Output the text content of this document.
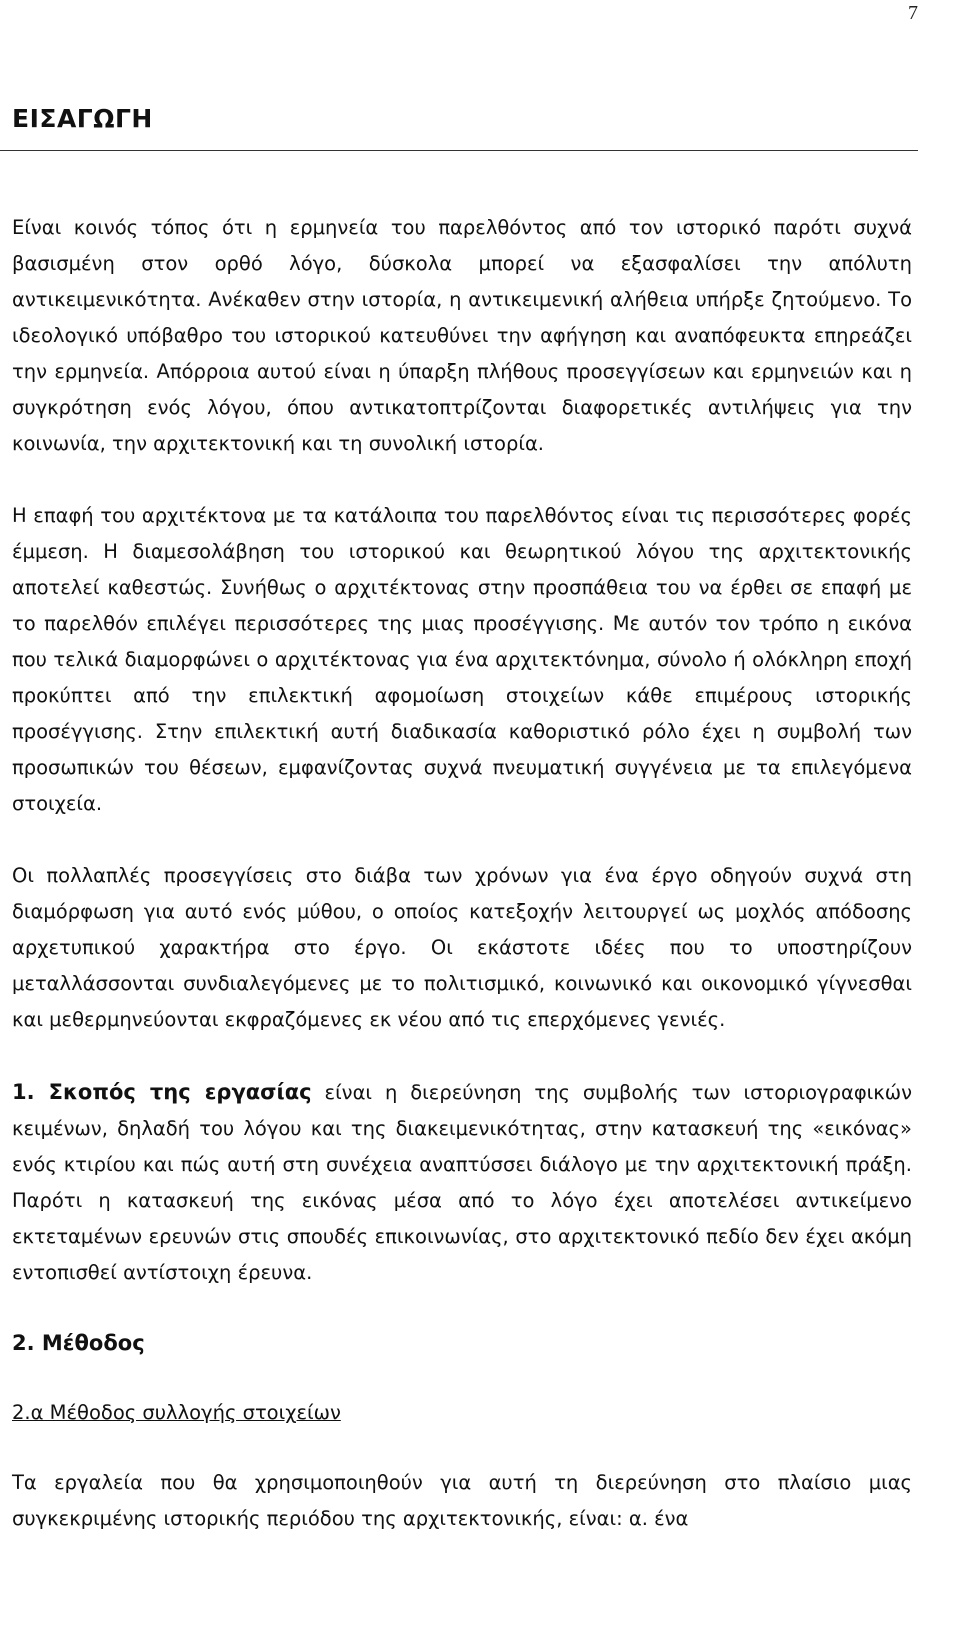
7
ΕΙΣΑΓΩΓΗ

Είναι κοινός τόπος ότι η ερμηνεία του παρελθόντος από τον ιστορικό παρότι συχνά βασισμένη στον ορθό λόγο, δύσκολα μπορεί να εξασφαλίσει την απόλυτη αντικειμενικότητα. Ανέκαθεν στην ιστορία, η αντικειμενική αλήθεια υπήρξε ζητούμενο. Το ιδεολογικό υπόβαθρο του ιστορικού κατευθύνει την αφήγηση και αναπόφευκτα επηρεάζει την ερμηνεία. Απόρροια αυτού είναι η ύπαρξη πλήθους προσεγγίσεων και ερμηνειών και η συγκρότηση ενός λόγου, όπου αντικατοπτρίζονται διαφορετικές αντιλήψεις για την κοινωνία, την αρχιτεκτονική και τη συνολική ιστορία.

Η επαφή του αρχιτέκτονα με τα κατάλοιπα του παρελθόντος είναι τις περισσότερες φορές έμμεση. Η διαμεσολάβηση του ιστορικού και θεωρητικού λόγου της αρχιτεκτονικής αποτελεί καθεστώς. Συνήθως ο αρχιτέκτονας στην προσπάθεια του να έρθει σε επαφή με το παρελθόν επιλέγει περισσότερες της μιας προσέγγισης. Με αυτόν τον τρόπο η εικόνα που τελικά διαμορφώνει ο αρχιτέκτονας για ένα αρχιτεκτόνημα, σύνολο ή ολόκληρη εποχή προκύπτει από την επιλεκτική αφομοίωση στοιχείων κάθε επιμέρους ιστορικής προσέγγισης. Στην επιλεκτική αυτή διαδικασία καθοριστικό ρόλο έχει η συμβολή των προσωπικών του θέσεων, εμφανίζοντας συχνά πνευματική συγγένεια με τα επιλεγόμενα στοιχεία.

Οι πολλαπλές προσεγγίσεις στο διάβα των χρόνων για ένα έργο οδηγούν συχνά στη διαμόρφωση για αυτό ενός μύθου, ο οποίος κατεξοχήν λειτουργεί ως μοχλός απόδοσης αρχετυπικού χαρακτήρα στο έργο. Οι εκάστοτε ιδέες που το υποστηρίζουν μεταλλάσσονται συνδιαλεγόμενες με το πολιτισμικό, κοινωνικό και οικονομικό γίγνεσθαι και μεθερμηνεύονται εκφραζόμενες εκ νέου από τις επερχόμενες γενιές.

1. Σκοπός της εργασίας είναι η διερεύνηση της συμβολής των ιστοριογραφικών κειμένων, δηλαδή του λόγου και της διακειμενικότητας, στην κατασκευή της «εικόνας» ενός κτιρίου και πώς αυτή στη συνέχεια αναπτύσσει διάλογο με την αρχιτεκτονική πράξη. Παρότι η κατασκευή της εικόνας μέσα από το λόγο έχει αποτελέσει αντικείμενο εκτεταμένων ερευνών στις σπουδές επικοινωνίας, στο αρχιτεκτονικό πεδίο δεν έχει ακόμη εντοπισθεί αντίστοιχη έρευνα.

2. Μέθοδος

2.α Μέθοδος συλλογής στοιχείων

Τα εργαλεία που θα χρησιμοποιηθούν για αυτή τη διερεύνηση στο πλαίσιο μιας συγκεκριμένης ιστορικής περιόδου της αρχιτεκτονικής, είναι: α. ένα
